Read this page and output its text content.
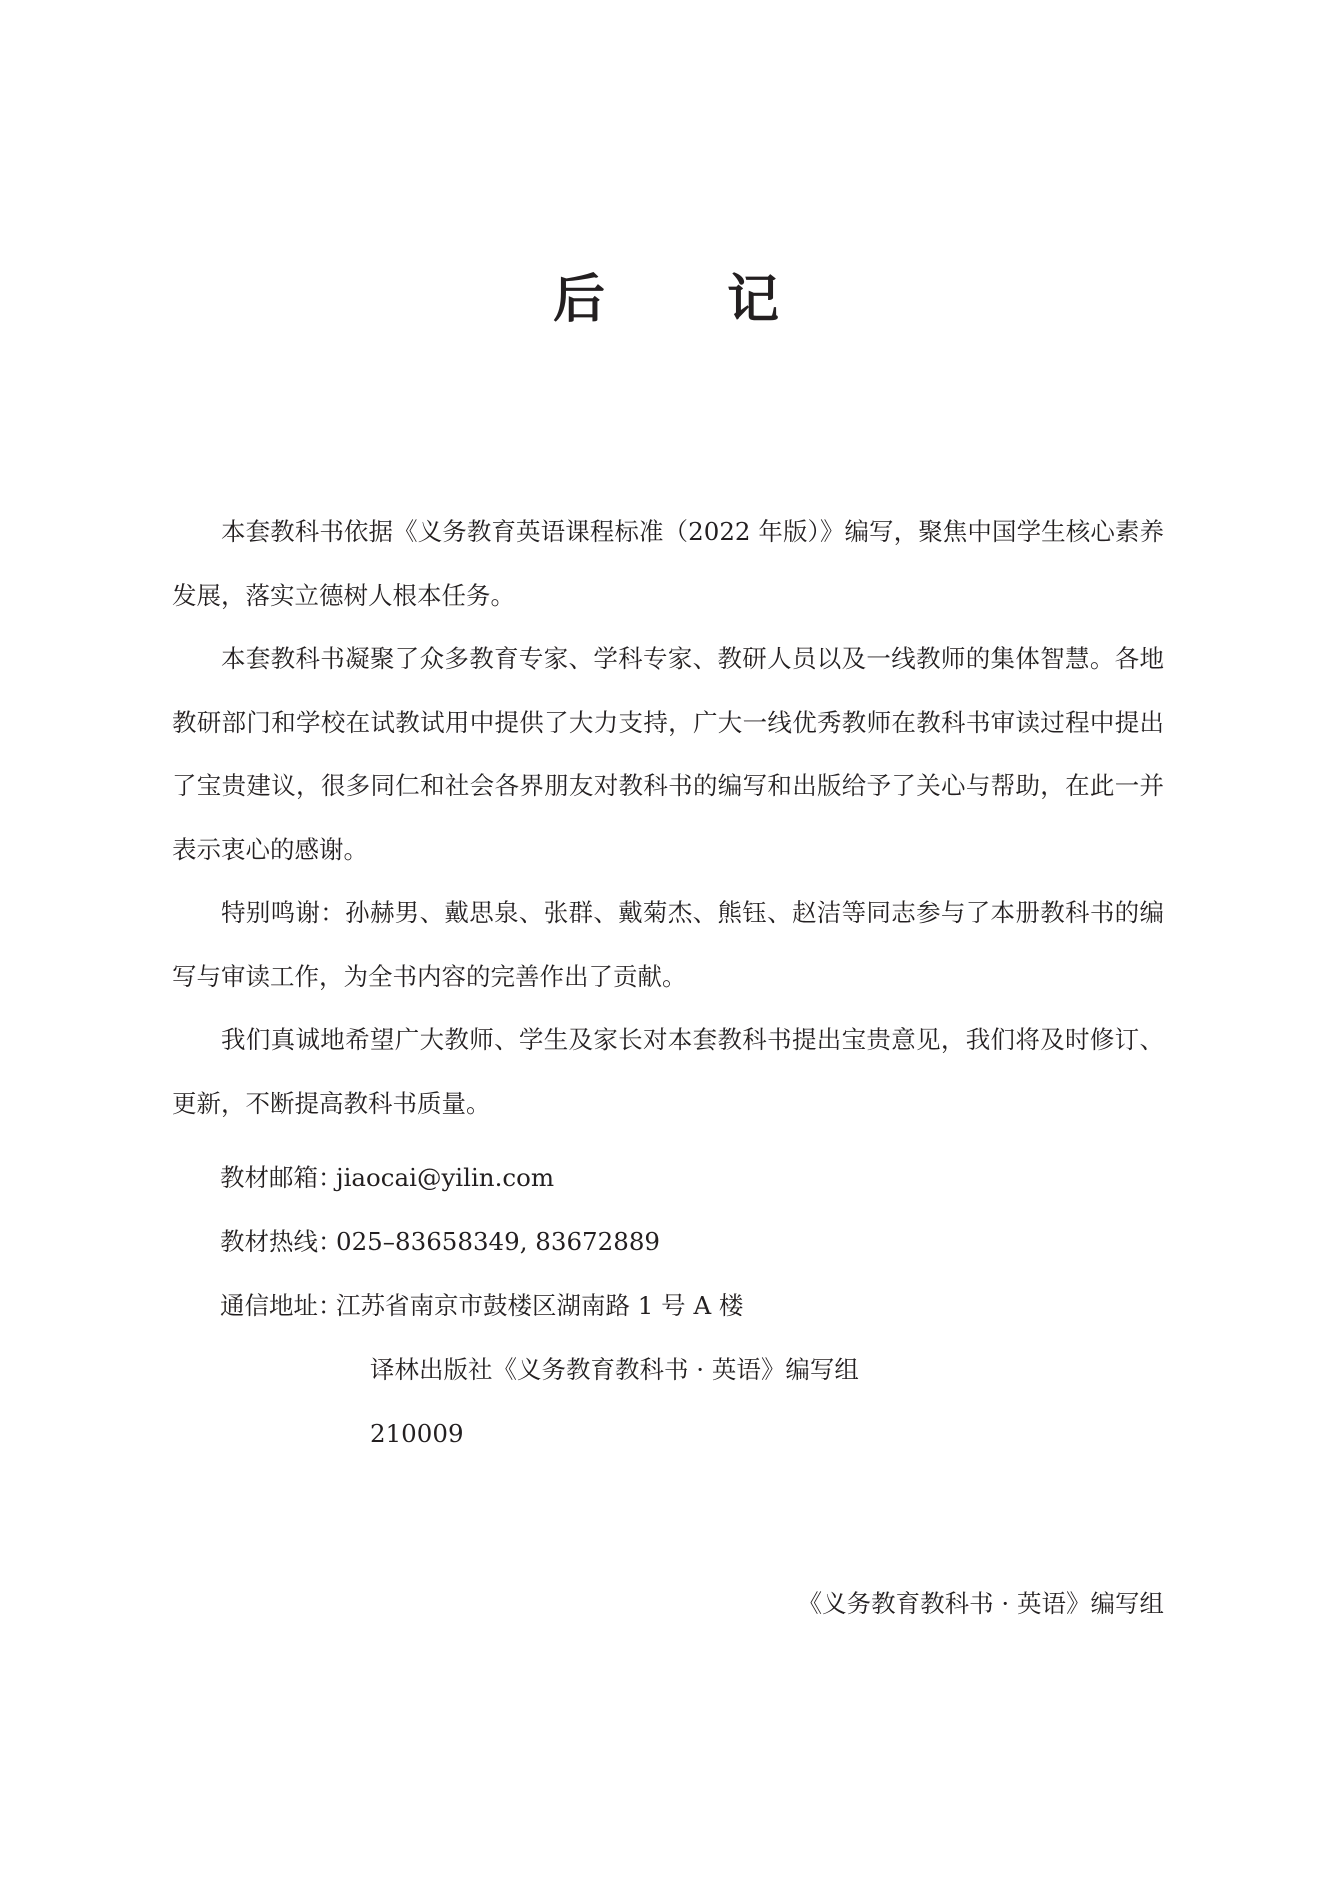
后 记

本套教科书依据《义务教育英语课程标准（2022 年版）》编写，聚焦中国学生核心素养发展，落实立德树人根本任务。

本套教科书凝聚了众多教育专家、学科专家、教研人员以及一线教师的集体智慧。各地教研部门和学校在试教试用中提供了大力支持，广大一线优秀教师在教科书审读过程中提出了宝贵建议，很多同仁和社会各界朋友对教科书的编写和出版给予了关心与帮助，在此一并表示衷心的感谢。

特别鸣谢：孙赫男、戴思泉、张群、戴菊杰、熊钰、赵洁等同志参与了本册教科书的编写与审读工作，为全书内容的完善作出了贡献。

我们真诚地希望广大教师、学生及家长对本套教科书提出宝贵意见，我们将及时修订、更新，不断提高教科书质量。

教材邮箱：jiaocai@yilin.com
教材热线：025–83658349, 83672889
通信地址：江苏省南京市鼓楼区湖南路 1 号 A 楼
译林出版社《义务教育教科书 · 英语》编写组
210009
《义务教育教科书 · 英语》编写组
